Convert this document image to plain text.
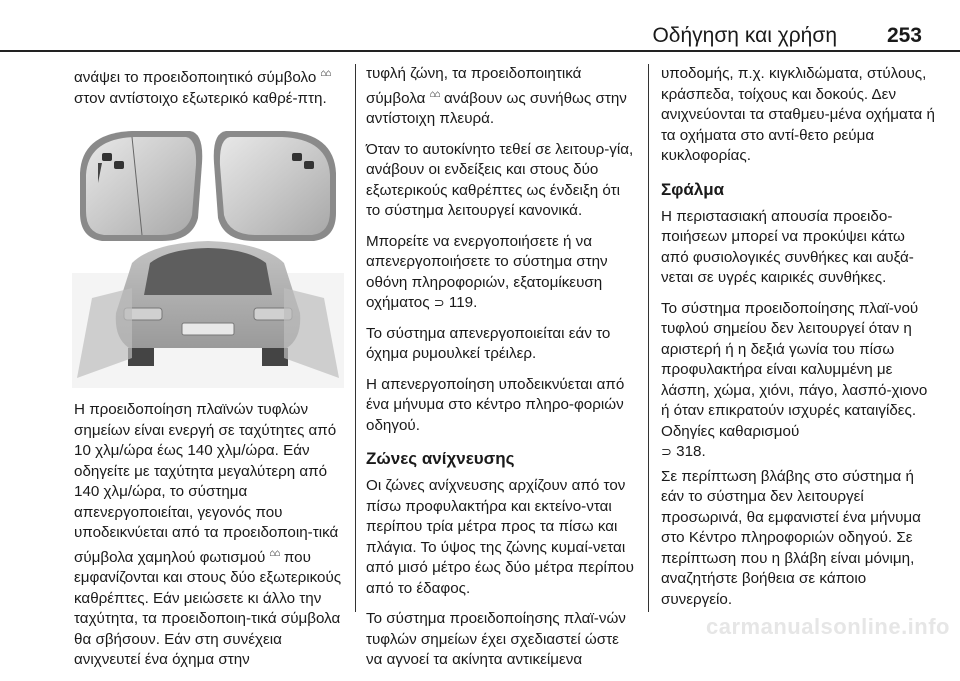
Οδήγηση και χρήση 253

ανάψει το προειδοποιητικό σύμβολο ⌂⌂ στον αντίστοιχο εξωτερικό καθρέ-πτη.

Η προειδοποίηση πλαϊνών τυφλών σημείων είναι ενεργή σε ταχύτητες από 10 χλμ/ώρα έως 140 χλμ/ώρα. Εάν οδηγείτε με ταχύτητα μεγαλύτερη από 140 χλμ/ώρα, το σύστημα απενεργοποιείται, γεγονός που υποδεικνύεται από τα προειδοποιη-τικά σύμβολα χαμηλού φωτισμού ⌂⌂ που εμφανίζονται και στους δύο εξωτερικούς καθρέπτες. Εάν μειώσετε κι άλλο την ταχύτητα, τα προειδοποιη-τικά σύμβολα θα σβήσουν. Εάν στη συνέχεια ανιχνευτεί ένα όχημα στην

τυφλή ζώνη, τα προειδοποιητικά σύμβολα ⌂⌂ ανάβουν ως συνήθως στην αντίστοιχη πλευρά.

Όταν το αυτοκίνητο τεθεί σε λειτουρ-γία, ανάβουν οι ενδείξεις και στους δύο εξωτερικούς καθρέπτες ως ένδειξη ότι το σύστημα λειτουργεί κανονικά.

Μπορείτε να ενεργοποιήσετε ή να απενεργοποιήσετε το σύστημα στην οθόνη πληροφοριών, εξατομίκευση οχήματος ⊃ 119.

Το σύστημα απενεργοποιείται εάν το όχημα ρυμουλκεί τρέιλερ.

Η απενεργοποίηση υποδεικνύεται από ένα μήνυμα στο κέντρο πληρο-φοριών οδηγού.

Ζώνες ανίχνευσης

Οι ζώνες ανίχνευσης αρχίζουν από τον πίσω προφυλακτήρα και εκτείνο-νται περίπου τρία μέτρα προς τα πίσω και πλάγια. Το ύψος της ζώνης κυμαί-νεται από μισό μέτρο έως δύο μέτρα περίπου από το έδαφος.

Το σύστημα προειδοποίησης πλαϊ-νών τυφλών σημείων έχει σχεδιαστεί ώστε να αγνοεί τα ακίνητα αντικείμενα

υποδομής, π.χ. κιγκλιδώματα, στύλους, κράσπεδα, τοίχους και δοκούς. Δεν ανιχνεύονται τα σταθμευ-μένα οχήματα ή τα οχήματα στο αντί-θετο ρεύμα κυκλοφορίας.

Σφάλμα

Η περιστασιακή απουσία προειδο-ποιήσεων μπορεί να προκύψει κάτω από φυσιολογικές συνθήκες και αυξά-νεται σε υγρές καιρικές συνθήκες.

Το σύστημα προειδοποίησης πλαϊ-νού τυφλού σημείου δεν λειτουργεί όταν η αριστερή ή η δεξιά γωνία του πίσω προφυλακτήρα είναι καλυμμένη με λάσπη, χώμα, χιόνι, πάγο, λασπό-χιονο ή όταν επικρατούν ισχυρές καταιγίδες. Οδηγίες καθαρισμού
⊃ 318.

Σε περίπτωση βλάβης στο σύστημα ή εάν το σύστημα δεν λειτουργεί προσωρινά, θα εμφανιστεί ένα μήνυμα στο Κέντρο πληροφοριών οδηγού. Σε περίπτωση που η βλάβη είναι μόνιμη, αναζητήστε βοήθεια σε κάποιο συνεργείο.

carmanualsonline.info
